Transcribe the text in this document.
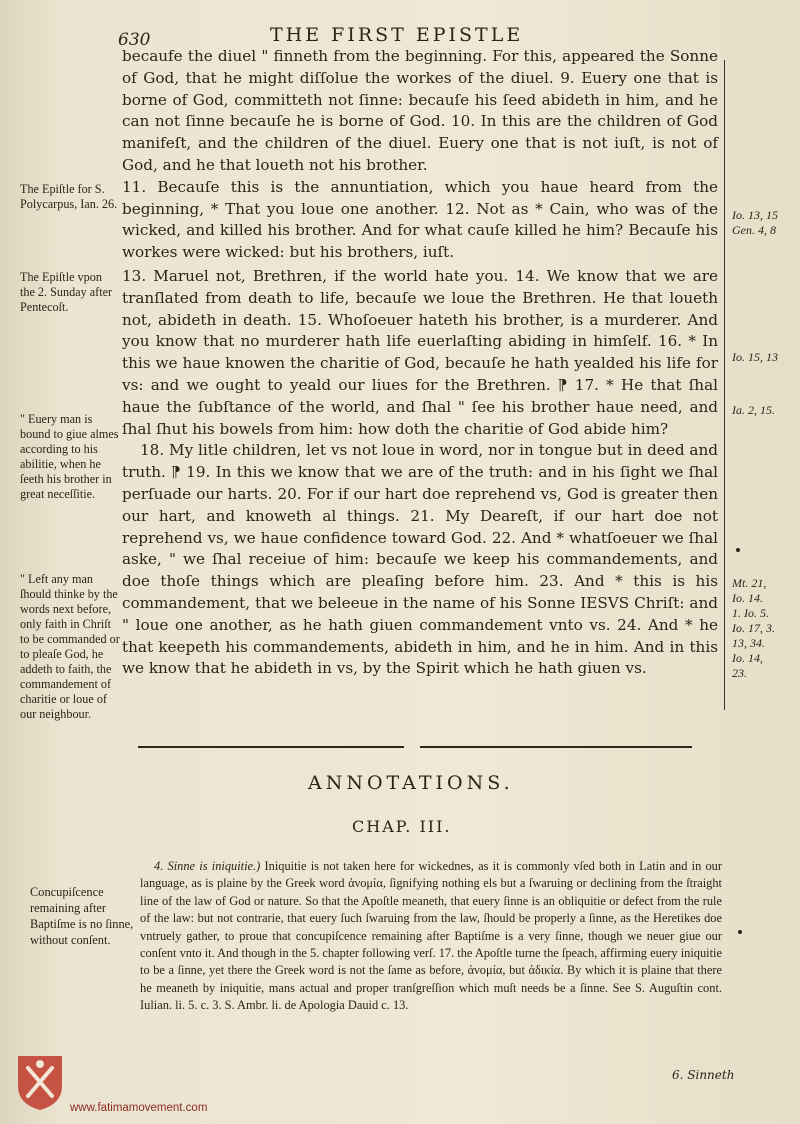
630	THE FIRST EPISTLE

becaufe the diuel " finneth from the beginning. For this, appeared the Sonne of God, that he might diſſolue the workes of the diuel. 9. Euery one that is borne of God, committeth not ſinne: becauſe his ſeed abideth in him, and he can not ſinne becauſe he is borne of God. 10. In this are the children of God manifeſt, and the children of the diuel. Euery one that is not iuſt, is not of God, and he that loueth not his brother.

11. Becauſe this is the annuntiation, which you haue heard from the beginning, * That you loue one another. 12. Not as * Cain, who was of the wicked, and killed his brother. And for what cauſe killed he him? Becauſe his workes were wicked: but his brothers, iuſt.

13. Maruel not, Brethren, if the world hate you. 14. We know that we are tranſlated from death to life, becauſe we loue the Brethren. He that loueth not, abideth in death. 15. Whoſoeuer hateth his brother, is a murderer. And you know that no murderer hath life euerlaſting abiding in himſelf. 16. * In this we haue knowen the charitie of God, becauſe he hath yealded his life for vs: and we ought to yeald our liues for the Brethren. ⁋ 17. * He that ſhal haue the ſubſtance of the world, and ſhal " ſee his brother haue need, and ſhal ſhut his bowels from him: how doth the charitie of God abide him?

18. My litle children, let vs not loue in word, nor in tongue but in deed and truth. ⁋ 19. In this we know that we are of the truth: and in his ſight we ſhal perſuade our harts. 20. For if our hart doe reprehend vs, God is greater then our hart, and knoweth al things. 21. My Deareſt, if our hart doe not reprehend vs, we haue confidence toward God. 22. And * whatſoeuer we ſhal aske, " we ſhal receiue of him: becauſe we keep his commandements, and doe thoſe things which are pleaſing before him. 23. And * this is his commandement, that we beleeue in the name of his Sonne IESVS Chriſt: and " loue one another, as he hath giuen commandement vnto vs. 24. And * he that keepeth his commandements, abideth in him, and he in him. And in this we know that he abideth in vs, by the Spirit which he hath giuen vs.

The Epiſtle for S. Polycarpus, Ian. 26.

The Epiſtle vpon the 2. Sunday after Pentecoſt.

" Euery man is bound to giue almes according to his abilitie, when he ſeeth his brother in great neceſſitie.

" Left any man ſhould thinke by the words next before, only faith in Chriſt to be commanded or to pleaſe God, he addeth to faith, the commandement of charitie or loue of our neighbour.

Io. 13, 15

Gen. 4, 8

Io. 15, 13

Ia. 2, 15.

Mt. 21,

Io. 14.

1. Io. 5.

Io. 17, 3.

13, 34.

Io. 14,

23.

ANNOTATIONS.
CHAP. III.
Concupiſcence remaining after Baptiſme is no ſinne, without conſent.

4. Sinne is iniquitie.) Iniquitie is not taken here for wickednes, as it is commonly vſed both in Latin and in our language, as is plaine by the Greek word ἀνομία, ſignifying nothing els but a ſwaruing or declining from the ſtraight line of the law of God or nature. So that the Apoſtle meaneth, that euery ſinne is an obliquitie or defect from the rule of the law: but not contrarie, that euery ſuch ſwaruing from the law, ſhould be properly a ſinne, as the Heretikes doe vntruely gather, to proue that concupiſcence remaining after Baptiſme is a very ſinne, though we neuer giue our conſent vnto it. And though in the 5. chapter following verſ. 17. the Apoſtle turne the ſpeach, affirming euery iniquitie to be a ſinne, yet there the Greek word is not the ſame as before, ἀνομία, but ἀδικία. By which it is plaine that there he meaneth by iniquitie, mans actual and proper tranſgreſſion which muſt needs be a ſinne. See S. Auguſtin cont. Iulian. li. 5. c. 3. S. Ambr. li. de Apologia Dauid c. 13.

6. Sinneth
www.fatimamovement.com
